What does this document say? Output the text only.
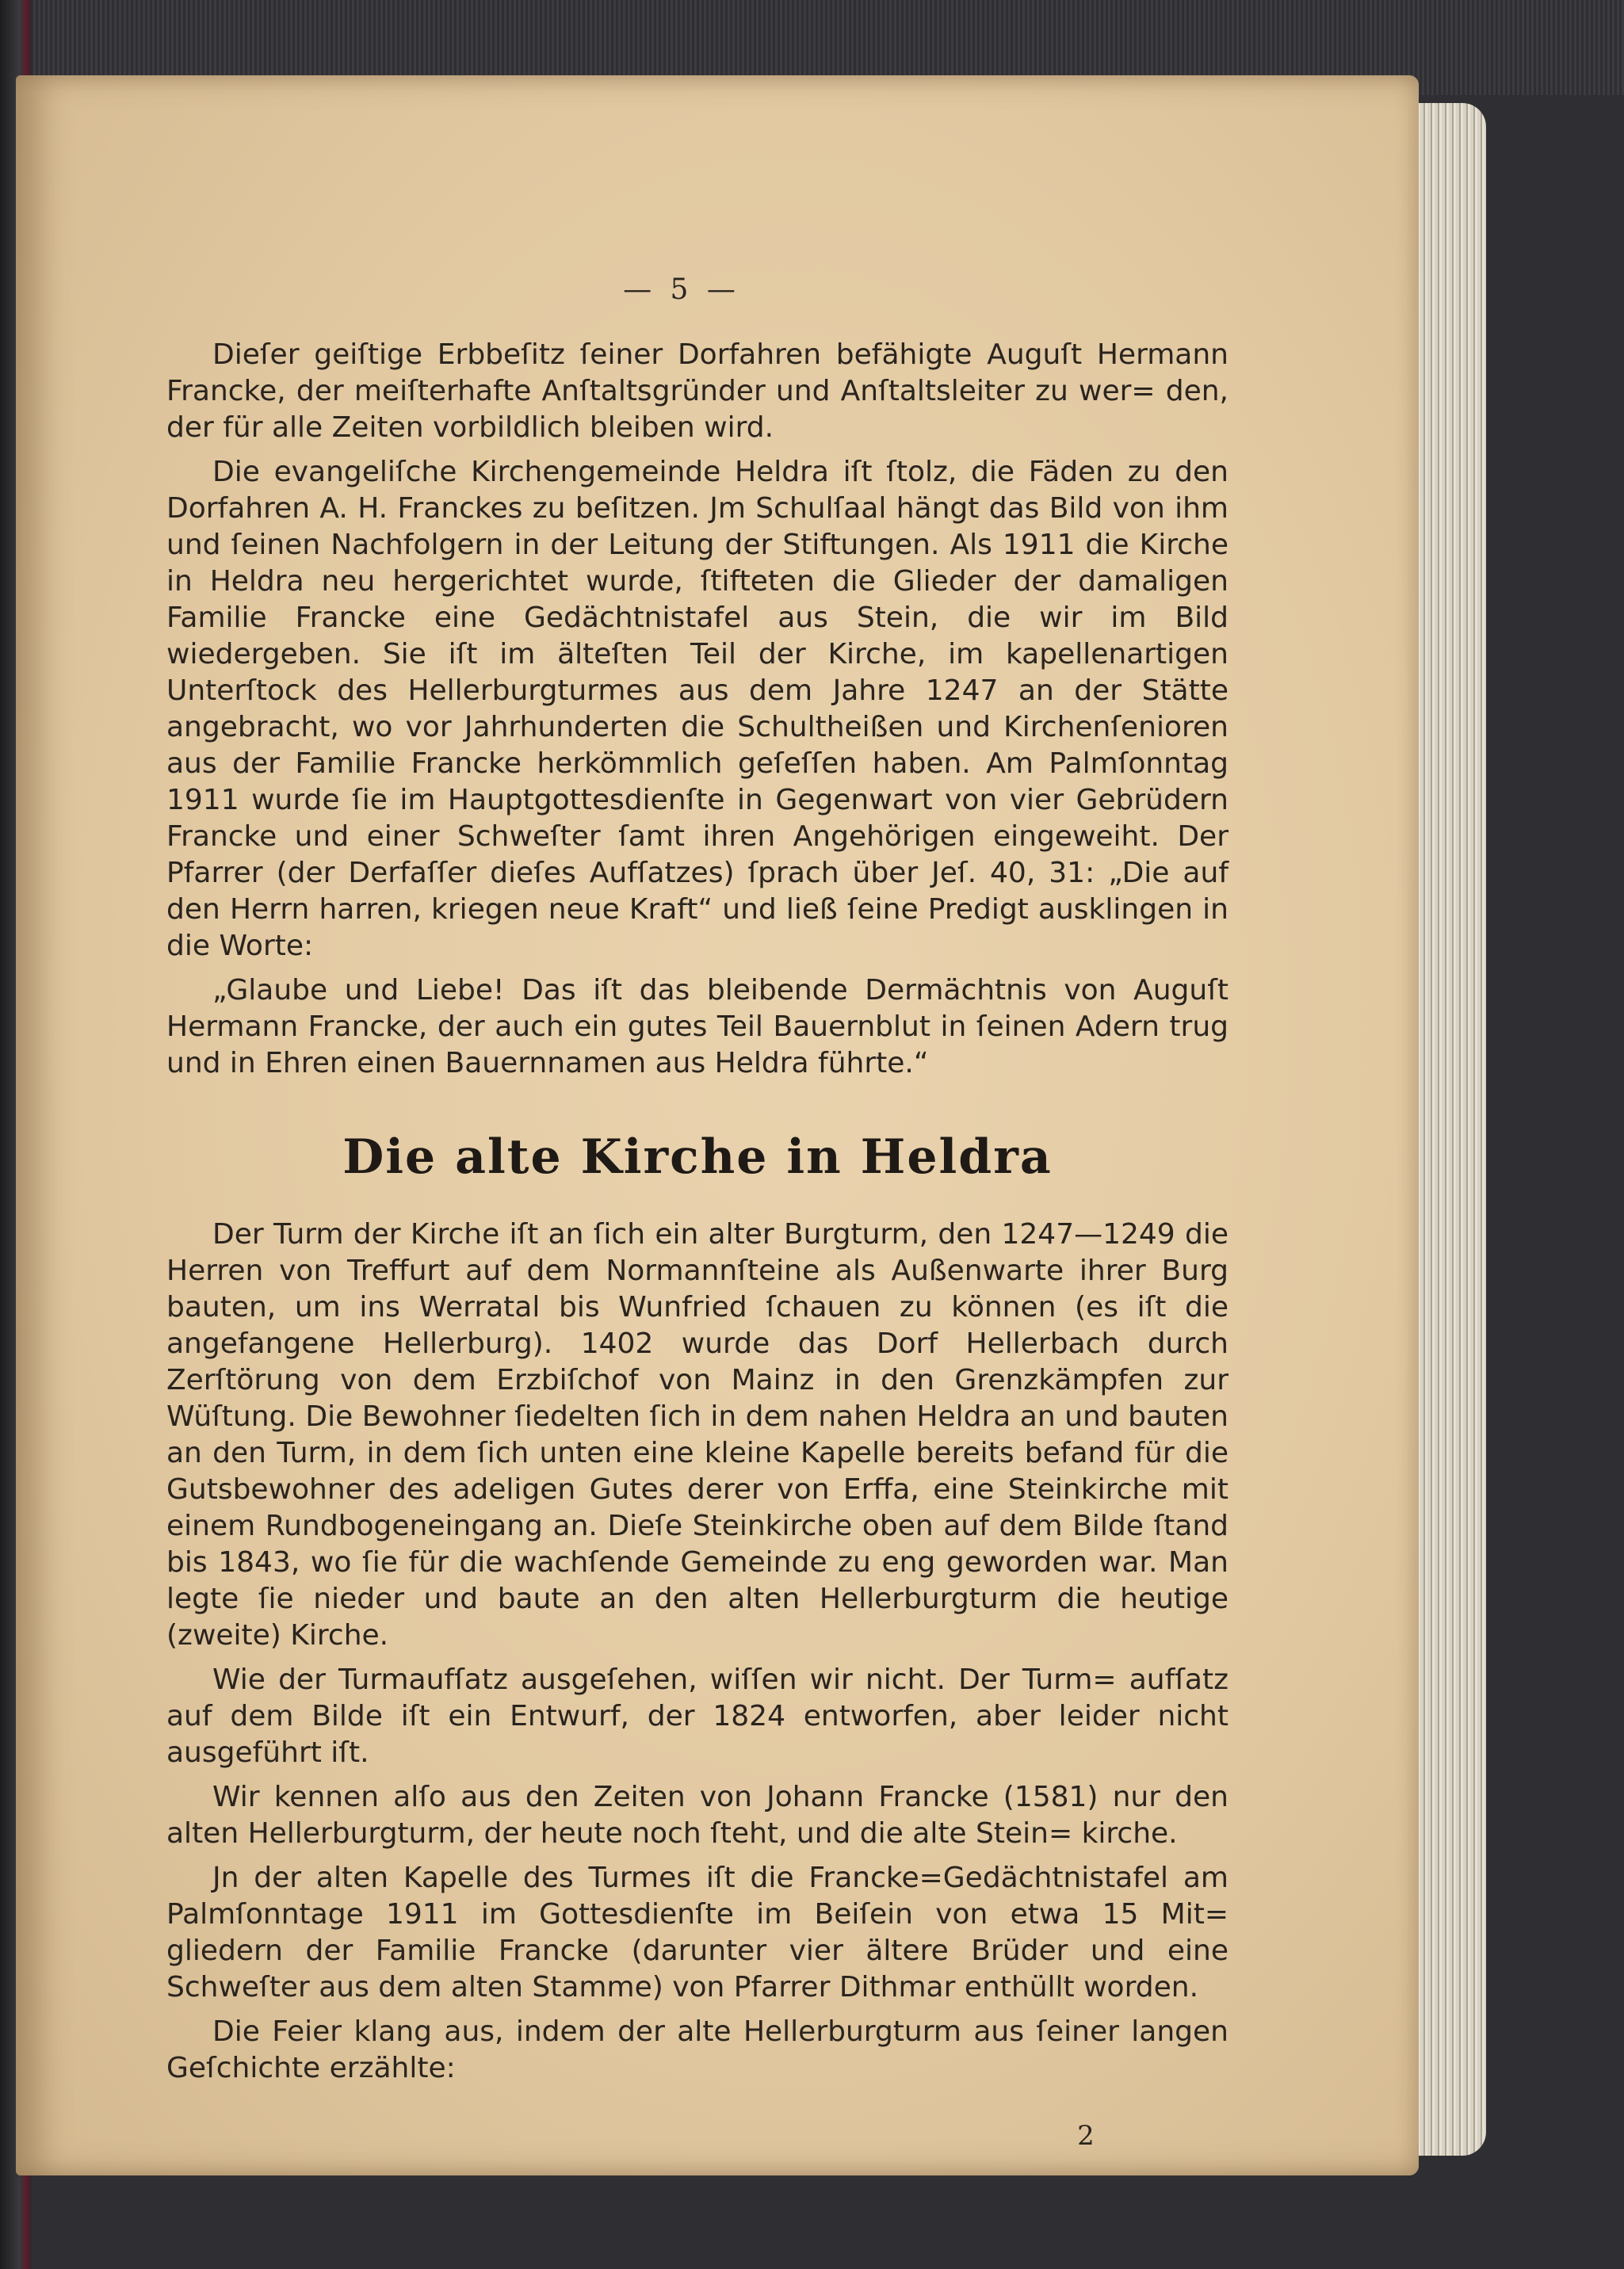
— 5 —

Dieſer geiſtige Erbbeſitz ſeiner Dorfahren befähigte Auguſt Hermann Francke, der meiſterhafte Anſtaltsgründer und Anſtaltsleiter zu wer= den, der für alle Zeiten vorbildlich bleiben wird.

Die evangeliſche Kirchengemeinde Heldra iſt ſtolz, die Fäden zu den Dorfahren A. H. Franckes zu beſitzen. Jm Schulſaal hängt das Bild von ihm und ſeinen Nachfolgern in der Leitung der Stiftungen. Als 1911 die Kirche in Heldra neu hergerichtet wurde, ſtifteten die Glieder der damaligen Familie Francke eine Gedächtnistafel aus Stein, die wir im Bild wiedergeben. Sie iſt im älteſten Teil der Kirche, im kapellenartigen Unterſtock des Hellerburgturmes aus dem Jahre 1247 an der Stätte angebracht, wo vor Jahrhunderten die Schultheißen und Kirchenſenioren aus der Familie Francke herkömmlich geſeſſen haben. Am Palmſonntag 1911 wurde ſie im Hauptgottesdienſte in Gegenwart von vier Gebrüdern Francke und einer Schweſter ſamt ihren Angehörigen eingeweiht. Der Pfarrer (der Derfaſſer dieſes Aufſatzes) ſprach über Jeſ. 40, 31: „Die auf den Herrn harren, kriegen neue Kraft“ und ließ ſeine Predigt ausklingen in die Worte:

„Glaube und Liebe! Das iſt das bleibende Dermächtnis von Auguſt Hermann Francke, der auch ein gutes Teil Bauernblut in ſeinen Adern trug und in Ehren einen Bauernnamen aus Heldra führte.“

Die alte Kirche in Heldra

Der Turm der Kirche iſt an ſich ein alter Burgturm, den 1247—1249 die Herren von Treffurt auf dem Normannſteine als Außenwarte ihrer Burg bauten, um ins Werratal bis Wunfried ſchauen zu können (es iſt die angefangene Hellerburg). 1402 wurde das Dorf Hellerbach durch Zerſtörung von dem Erzbiſchof von Mainz in den Grenzkämpfen zur Wüſtung. Die Bewohner ſiedelten ſich in dem nahen Heldra an und bauten an den Turm, in dem ſich unten eine kleine Kapelle bereits befand für die Gutsbewohner des adeligen Gutes derer von Erffa, eine Steinkirche mit einem Rundbogeneingang an. Dieſe Steinkirche oben auf dem Bilde ſtand bis 1843, wo ſie für die wachſende Gemeinde zu eng geworden war. Man legte ſie nieder und baute an den alten Hellerburgturm die heutige (zweite) Kirche.

Wie der Turmaufſatz ausgeſehen, wiſſen wir nicht. Der Turm= aufſatz auf dem Bilde iſt ein Entwurf, der 1824 entworfen, aber leider nicht ausgeführt iſt.

Wir kennen alſo aus den Zeiten von Johann Francke (1581) nur den alten Hellerburgturm, der heute noch ſteht, und die alte Stein= kirche.

Jn der alten Kapelle des Turmes iſt die Francke=Gedächtnistafel am Palmſonntage 1911 im Gottesdienſte im Beiſein von etwa 15 Mit= gliedern der Familie Francke (darunter vier ältere Brüder und eine Schweſter aus dem alten Stamme) von Pfarrer Dithmar enthüllt worden.

Die Feier klang aus, indem der alte Hellerburgturm aus ſeiner langen Geſchichte erzählte:

2
